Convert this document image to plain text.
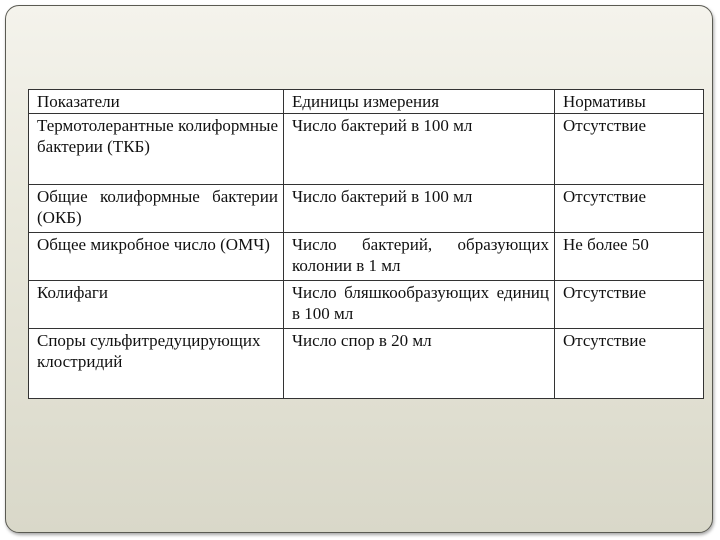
Показатели	Единицы измерения	Нормативы
Термотолерантные колиформные бактерии (ТКБ)	Число бактерий в 100 мл	Отсутствие
Общие колиформные бактерии (ОКБ)	Число бактерий в 100 мл	Отсутствие
Общее микробное число (ОМЧ)	Число бактерий, образующих колонии в 1 мл	Не более 50
Колифаги	Число бляшкообразующих единиц в 100 мл	Отсутствие
Споры сульфитредуцирующих клостридий	Число спор в 20 мл	Отсутствие
